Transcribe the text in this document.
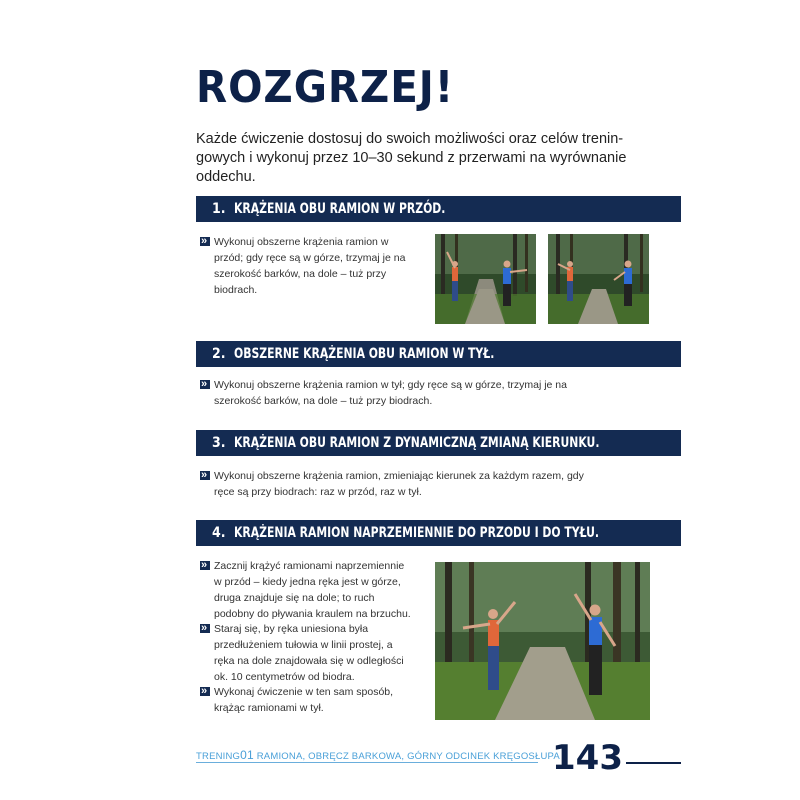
ROZGRZEJ!
Każde ćwiczenie dostosuj do swoich możliwości oraz celów trenin-gowych i wykonuj przez 10–30 sekund z przerwami na wyrównanie oddechu.
1. KRĄŻENIA OBU RAMION W PRZÓD.
»
Wykonuj obszerne krążenia ramion w przód; gdy ręce są w górze, trzymaj je na szerokość barków, na dole – tuż przy biodrach.
2. OBSZERNE KRĄŻENIA OBU RAMION W TYŁ.
»
Wykonuj obszerne krążenia ramion w tył; gdy ręce są w górze, trzymaj je na szerokość barków, na dole – tuż przy biodrach.
3. KRĄŻENIA OBU RAMION Z DYNAMICZNĄ ZMIANĄ KIERUNKU.
»
Wykonuj obszerne krążenia ramion, zmieniając kierunek za każdym razem, gdy ręce są przy biodrach: raz w przód, raz w tył.
4. KRĄŻENIA RAMION NAPRZEMIENNIE DO PRZODU I DO TYŁU.
»
Zacznij krążyć ramionami naprzemiennie w przód – kiedy jedna ręka jest w górze, druga znajduje się na dole; to ruch podobny do pływania kraulem na brzuchu.
»
Staraj się, by ręka uniesiona była przedłużeniem tułowia w linii prostej, a ręka na dole znajdowała się w odległości ok. 10 centymetrów od biodra.
»
Wykonaj ćwiczenie w ten sam sposób, krążąc ramionami w tył.
TRENING01 RAMIONA, OBRĘCZ BARKOWA, GÓRNY ODCINEK KRĘGOSŁUPA
143
